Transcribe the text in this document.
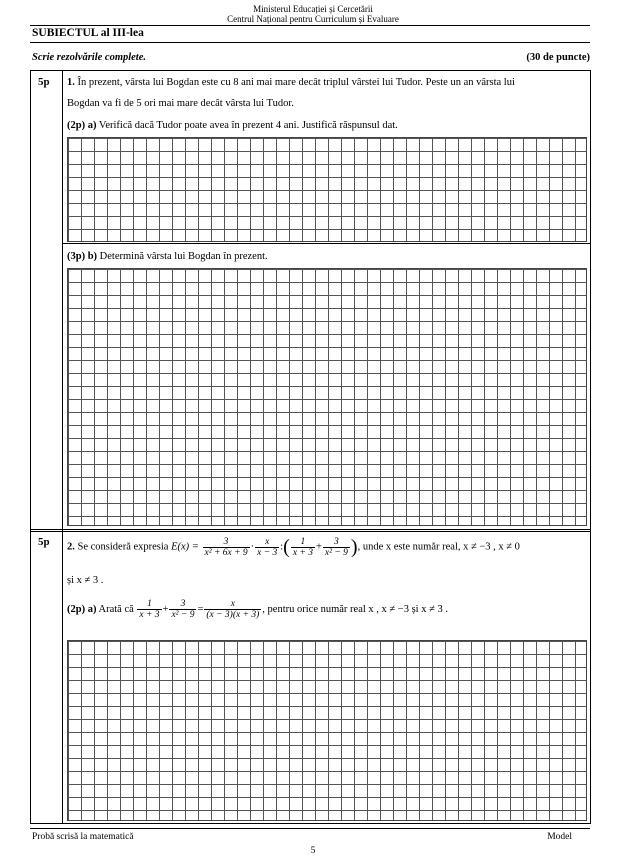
Ministerul Educației și Cercetării
Centrul Național pentru Curriculum și Evaluare
SUBIECTUL al III-lea
Scrie rezolvările complete.	(30 de puncte)
5p 1. În prezent, vârsta lui Bogdan este cu 8 ani mai mare decât triplul vârstei lui Tudor. Peste un an vârsta lui
Bogdan va fi de 5 ori mai mare decât vârsta lui Tudor.
(2p) a) Verifică dacă Tudor poate avea în prezent 4 ani. Justifică răspunsul dat.
(3p) b) Determină vârsta lui Bogdan în prezent.
5p 2. Se consideră expresia $E(x) = \frac{3}{\text{x² + 6x + 9}} \cdot \frac{x}{x - 3}$ :( $\frac{1}{x + 3} + \frac{3}{\text{x² − 9}}$ ), unde x este număr real, x ≠ −3 , x ≠ 0
și x ≠ 3 .
(2p) a) Arată că $\frac{1}{x + 3} + \frac{3}{\text{x² − 9}} = \frac{x}{(x - 3)(x + 3)}$ , pentru orice număr real x , x ≠ −3 și x ≠ 3 .
Probă scrisă la matematică	Model
5
